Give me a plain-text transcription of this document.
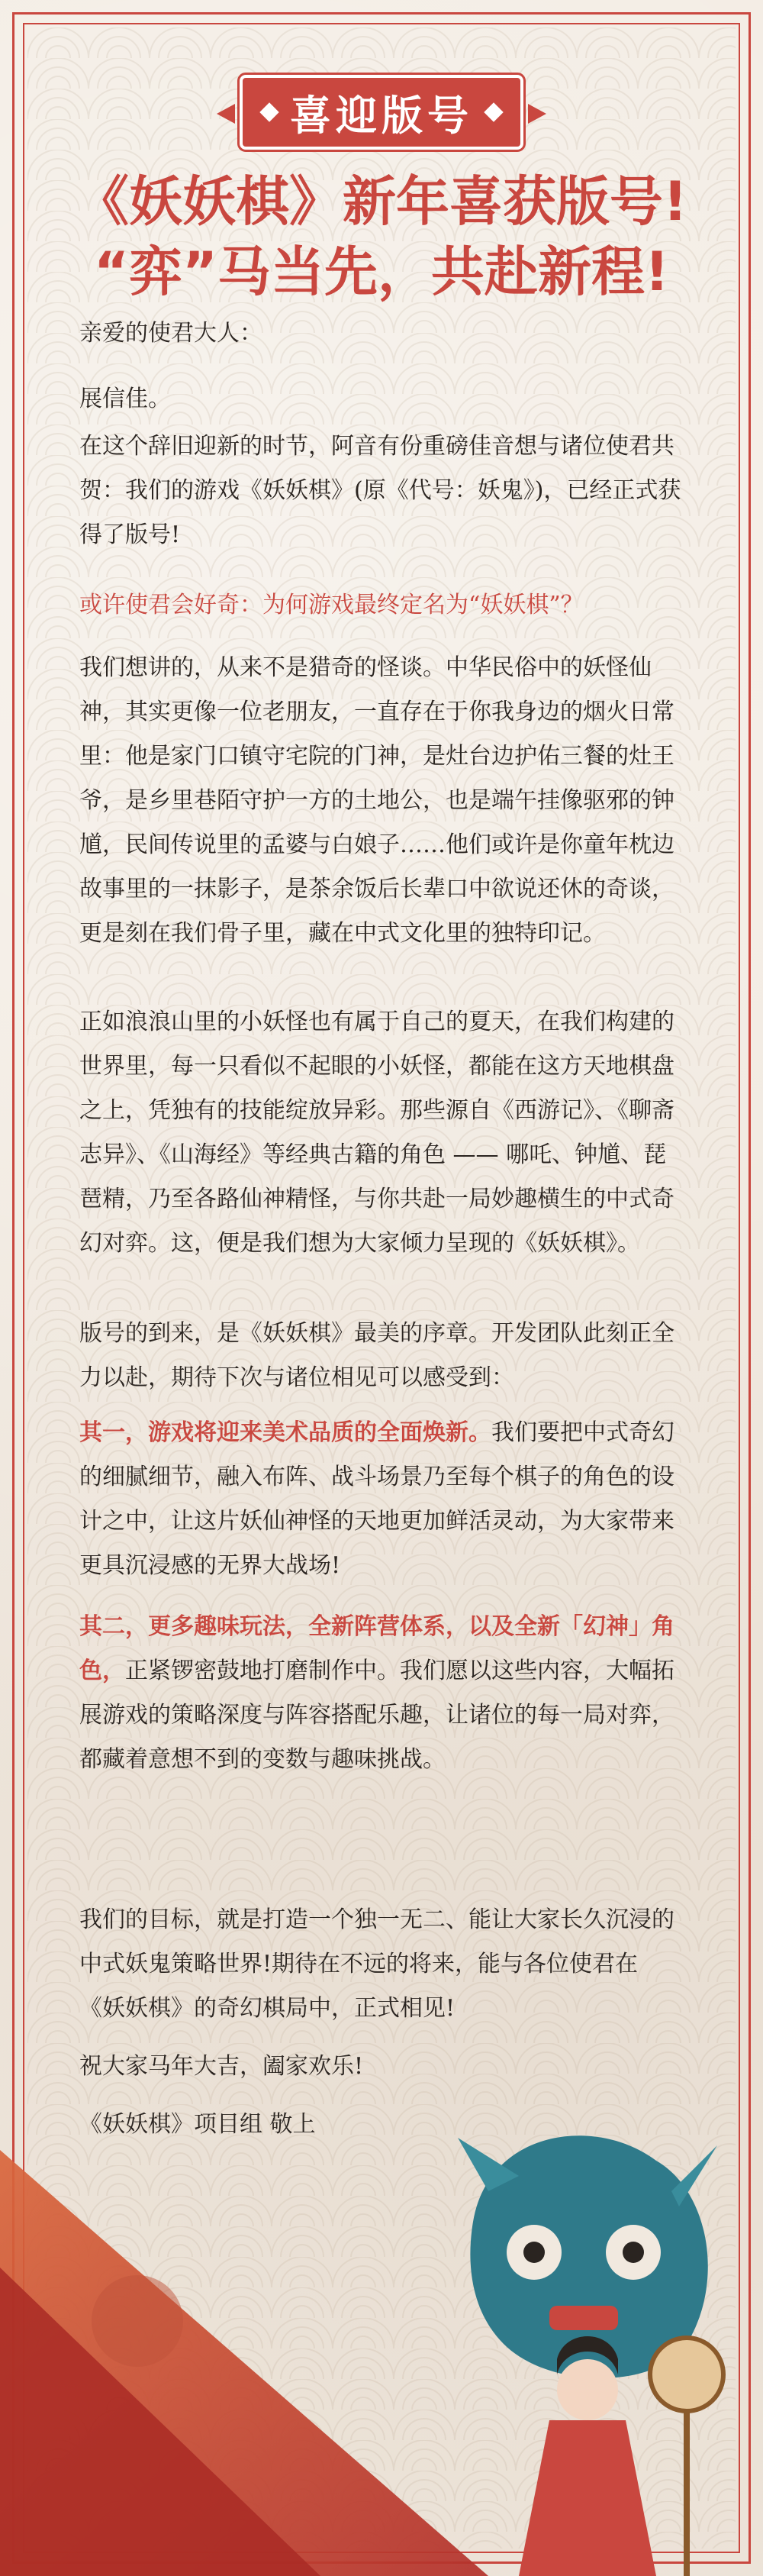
喜迎版号
《妖妖棋》新年喜获版号!
“弈”马当先，共赴新程!
亲爱的使君大人：
展信佳。
在这个辞旧迎新的时节，阿音有份重磅佳音想与诸位使君共贺：我们的游戏《妖妖棋》(原《代号：妖鬼》)，已经正式获得了版号!
或许使君会好奇：为何游戏最终定名为“妖妖棋”？
我们想讲的，从来不是猎奇的怪谈。中华民俗中的妖怪仙神，其实更像一位老朋友，一直存在于你我身边的烟火日常里：他是家门口镇守宅院的门神，是灶台边护佑三餐的灶王爷，是乡里巷陌守护一方的土地公，也是端午挂像驱邪的钟馗，民间传说里的孟婆与白娘子……他们或许是你童年枕边故事里的一抹影子，是茶余饭后长辈口中欲说还休的奇谈，更是刻在我们骨子里，藏在中式文化里的独特印记。
正如浪浪山里的小妖怪也有属于自己的夏天，在我们构建的世界里，每一只看似不起眼的小妖怪，都能在这方天地棋盘之上，凭独有的技能绽放异彩。那些源自《西游记》、《聊斋志异》、《山海经》等经典古籍的角色 —— 哪吒、钟馗、琵琶精，乃至各路仙神精怪，与你共赴一局妙趣横生的中式奇幻对弈。这，便是我们想为大家倾力呈现的《妖妖棋》。
版号的到来，是《妖妖棋》最美的序章。开发团队此刻正全力以赴，期待下次与诸位相见可以感受到：
其一，游戏将迎来美术品质的全面焕新。我们要把中式奇幻的细腻细节，融入布阵、战斗场景乃至每个棋子的角色的设计之中，让这片妖仙神怪的天地更加鲜活灵动，为大家带来更具沉浸感的无界大战场!
其二，更多趣味玩法，全新阵营体系，以及全新「幻神」角色，正紧锣密鼓地打磨制作中。我们愿以这些内容，大幅拓展游戏的策略深度与阵容搭配乐趣，让诸位的每一局对弈，都藏着意想不到的变数与趣味挑战。
我们的目标，就是打造一个独一无二、能让大家长久沉浸的中式妖鬼策略世界!期待在不远的将来，能与各位使君在《妖妖棋》的奇幻棋局中，正式相见!
祝大家马年大吉，阖家欢乐!
《妖妖棋》项目组 敬上
